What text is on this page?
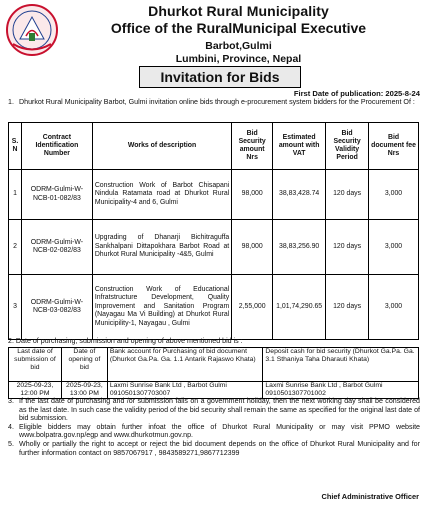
Dhurkot Rural Municipality
Office of the RuralMunicipal Executive
Barbot,Gulmi
Lumbini, Province, Nepal
Invitation for Bids
First Date of publication: 2025-8-24
1. Dhurkot Rural Municipality Barbot, Gulmi invitation online bids through e-procurement system bidders for the Procurement Of :
S. N	Contract Identification Number	Works of description	Bid Security amount Nrs	Estimated amount with VAT	Bid Security Validity Period	Bid document fee Nrs
1	ODRM-Gulmi-W-NCB-01-082/83	Construction Work of Barbot Chisapani Nindula Ratamata road at Dhurkot Rural Municipality-4 and 6, Gulmi	98,000	38,83,428.74	120 days	3,000
2	ODRM-Gulmi-W-NCB-02-082/83	Upgrading of Dhanarji Bichitraguffa Sankhalpani Dittapokhara Barbot Road at Dhurkot Rural Municipality -4&5, Gulmi	98,000	38,83,256.90	120 days	3,000
3	ODRM-Gulmi-W-NCB-03-082/83	Construction Work of Educational Infratstructure Development, Quality Improvement and Sanitation Program (Nayagau Ma Vi Building) at Dhurkot Rural Municipility-1, Nayagau , Gulmi	2,55,000	1,01,74,290.65	120 days	3,000
2. Date of purchasing, submission and opening of above mentioned bid is :
Last date of submission of bid	Date of opening of bid	Bank account for Purchasing of bid document (Dhurkot Ga.Pa. Ga. 1.1 Antarik Rajaswo Khata)	Deposit cash for bid security (Dhurkot Ga.Pa. Ga. 3.1 Sthaniya Taha Dharauti Khata)
2025-09-23, 12:00 PM	2025-09-23, 13:00 PM	Laxmi Sunrise Bank Ltd , Barbot Gulmi 0910501307703007	Laxmi Sunrise Bank Ltd , Barbot Gulmi 0910501307701002
3. If the last date of purchasing and /or submission falls on a government holiday, then the next working day shall be considered as the last date. In such case the validity period of the bid security shall remain the same as specified for the original last date of bid submission.
4. Eligible bidders may obtain further infoat the office of Dhurkot Rural Municipality or may visit PPMO website www.bolpatra.gov.np/egp and www.dhurkotmun.gov.np.
5. Wholly or partially the right to accept or reject the bid document depends on the office of Dhurkot Rural Municipality and for further information contact on 9857067917 , 9843589271,9867712399
Chief Administrative Officer
